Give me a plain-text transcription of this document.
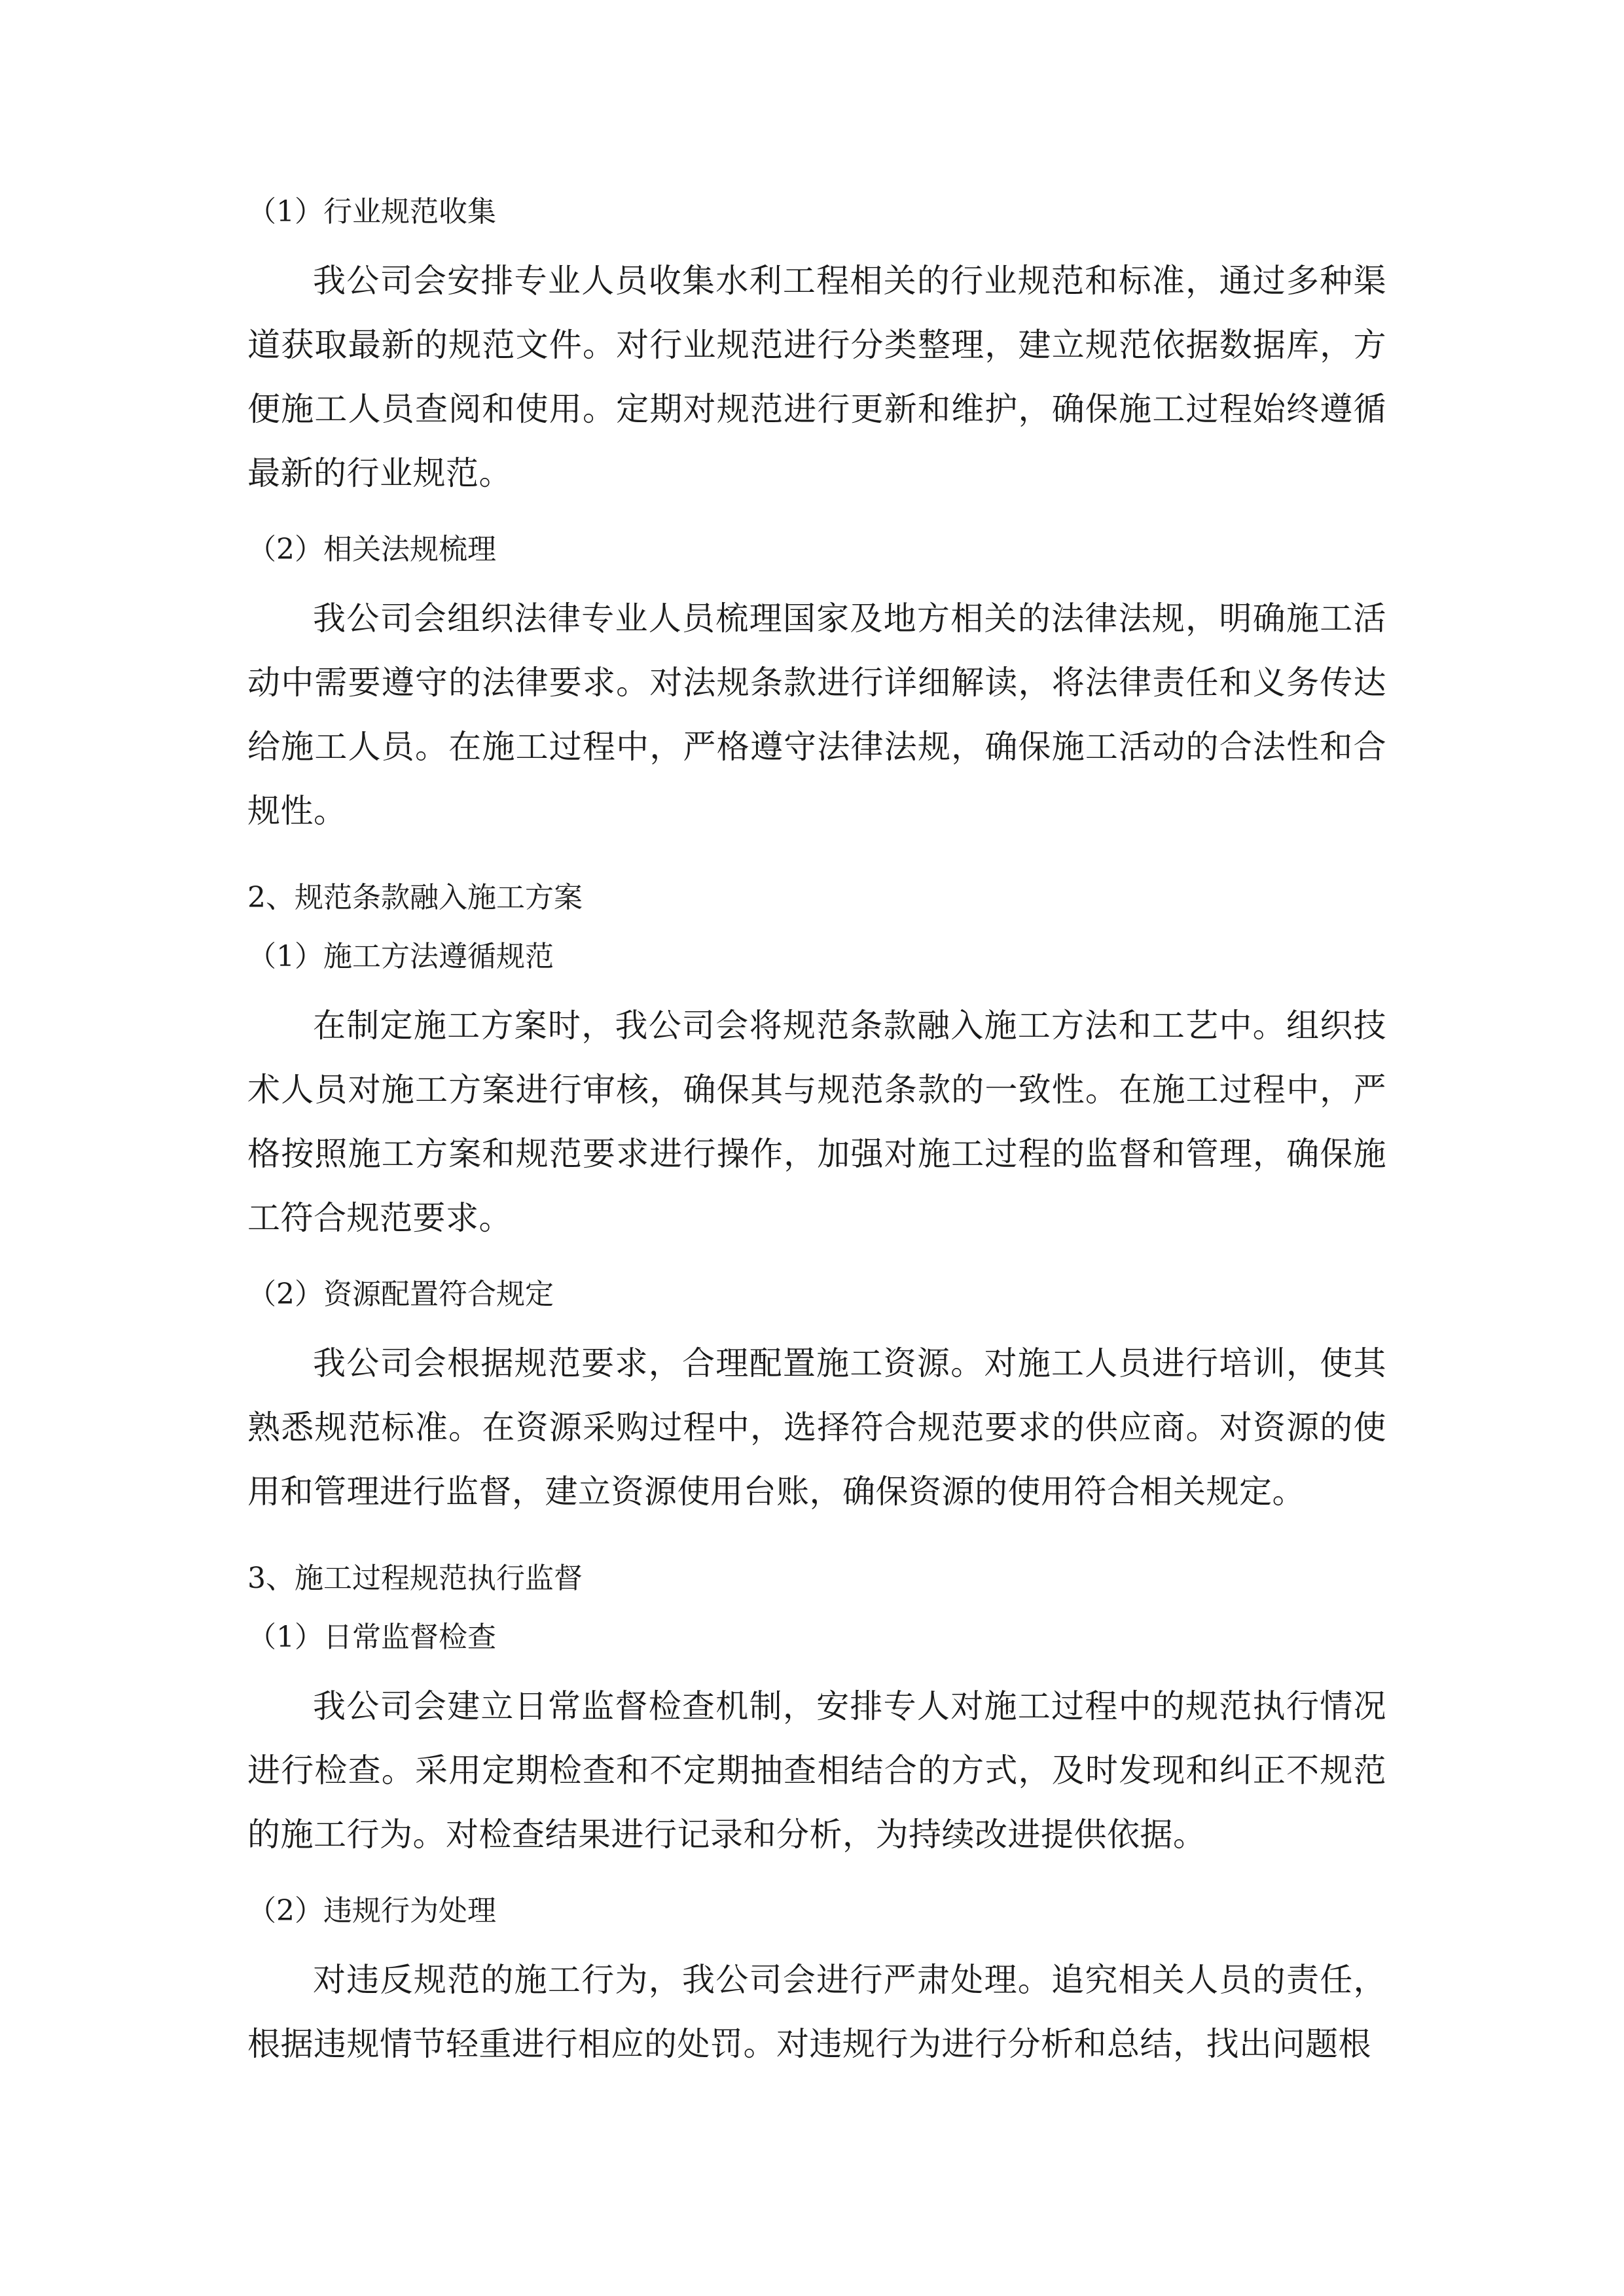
（1）行业规范收集

我公司会安排专业人员收集水利工程相关的行业规范和标准，通过多种渠道获取最新的规范文件。对行业规范进行分类整理，建立规范依据数据库，方便施工人员查阅和使用。定期对规范进行更新和维护，确保施工过程始终遵循最新的行业规范。

（2）相关法规梳理

我公司会组织法律专业人员梳理国家及地方相关的法律法规，明确施工活动中需要遵守的法律要求。对法规条款进行详细解读，将法律责任和义务传达给施工人员。在施工过程中，严格遵守法律法规，确保施工活动的合法性和合规性。

2、规范条款融入施工方案
（1）施工方法遵循规范

在制定施工方案时，我公司会将规范条款融入施工方法和工艺中。组织技术人员对施工方案进行审核，确保其与规范条款的一致性。在施工过程中，严格按照施工方案和规范要求进行操作，加强对施工过程的监督和管理，确保施工符合规范要求。

（2）资源配置符合规定

我公司会根据规范要求，合理配置施工资源。对施工人员进行培训，使其熟悉规范标准。在资源采购过程中，选择符合规范要求的供应商。对资源的使用和管理进行监督，建立资源使用台账，确保资源的使用符合相关规定。

3、施工过程规范执行监督
（1）日常监督检查

我公司会建立日常监督检查机制，安排专人对施工过程中的规范执行情况进行检查。采用定期检查和不定期抽查相结合的方式，及时发现和纠正不规范的施工行为。对检查结果进行记录和分析，为持续改进提供依据。

（2）违规行为处理

对违反规范的施工行为，我公司会进行严肃处理。追究相关人员的责任，根据违规情节轻重进行相应的处罚。对违规行为进行分析和总结，找出问题根
